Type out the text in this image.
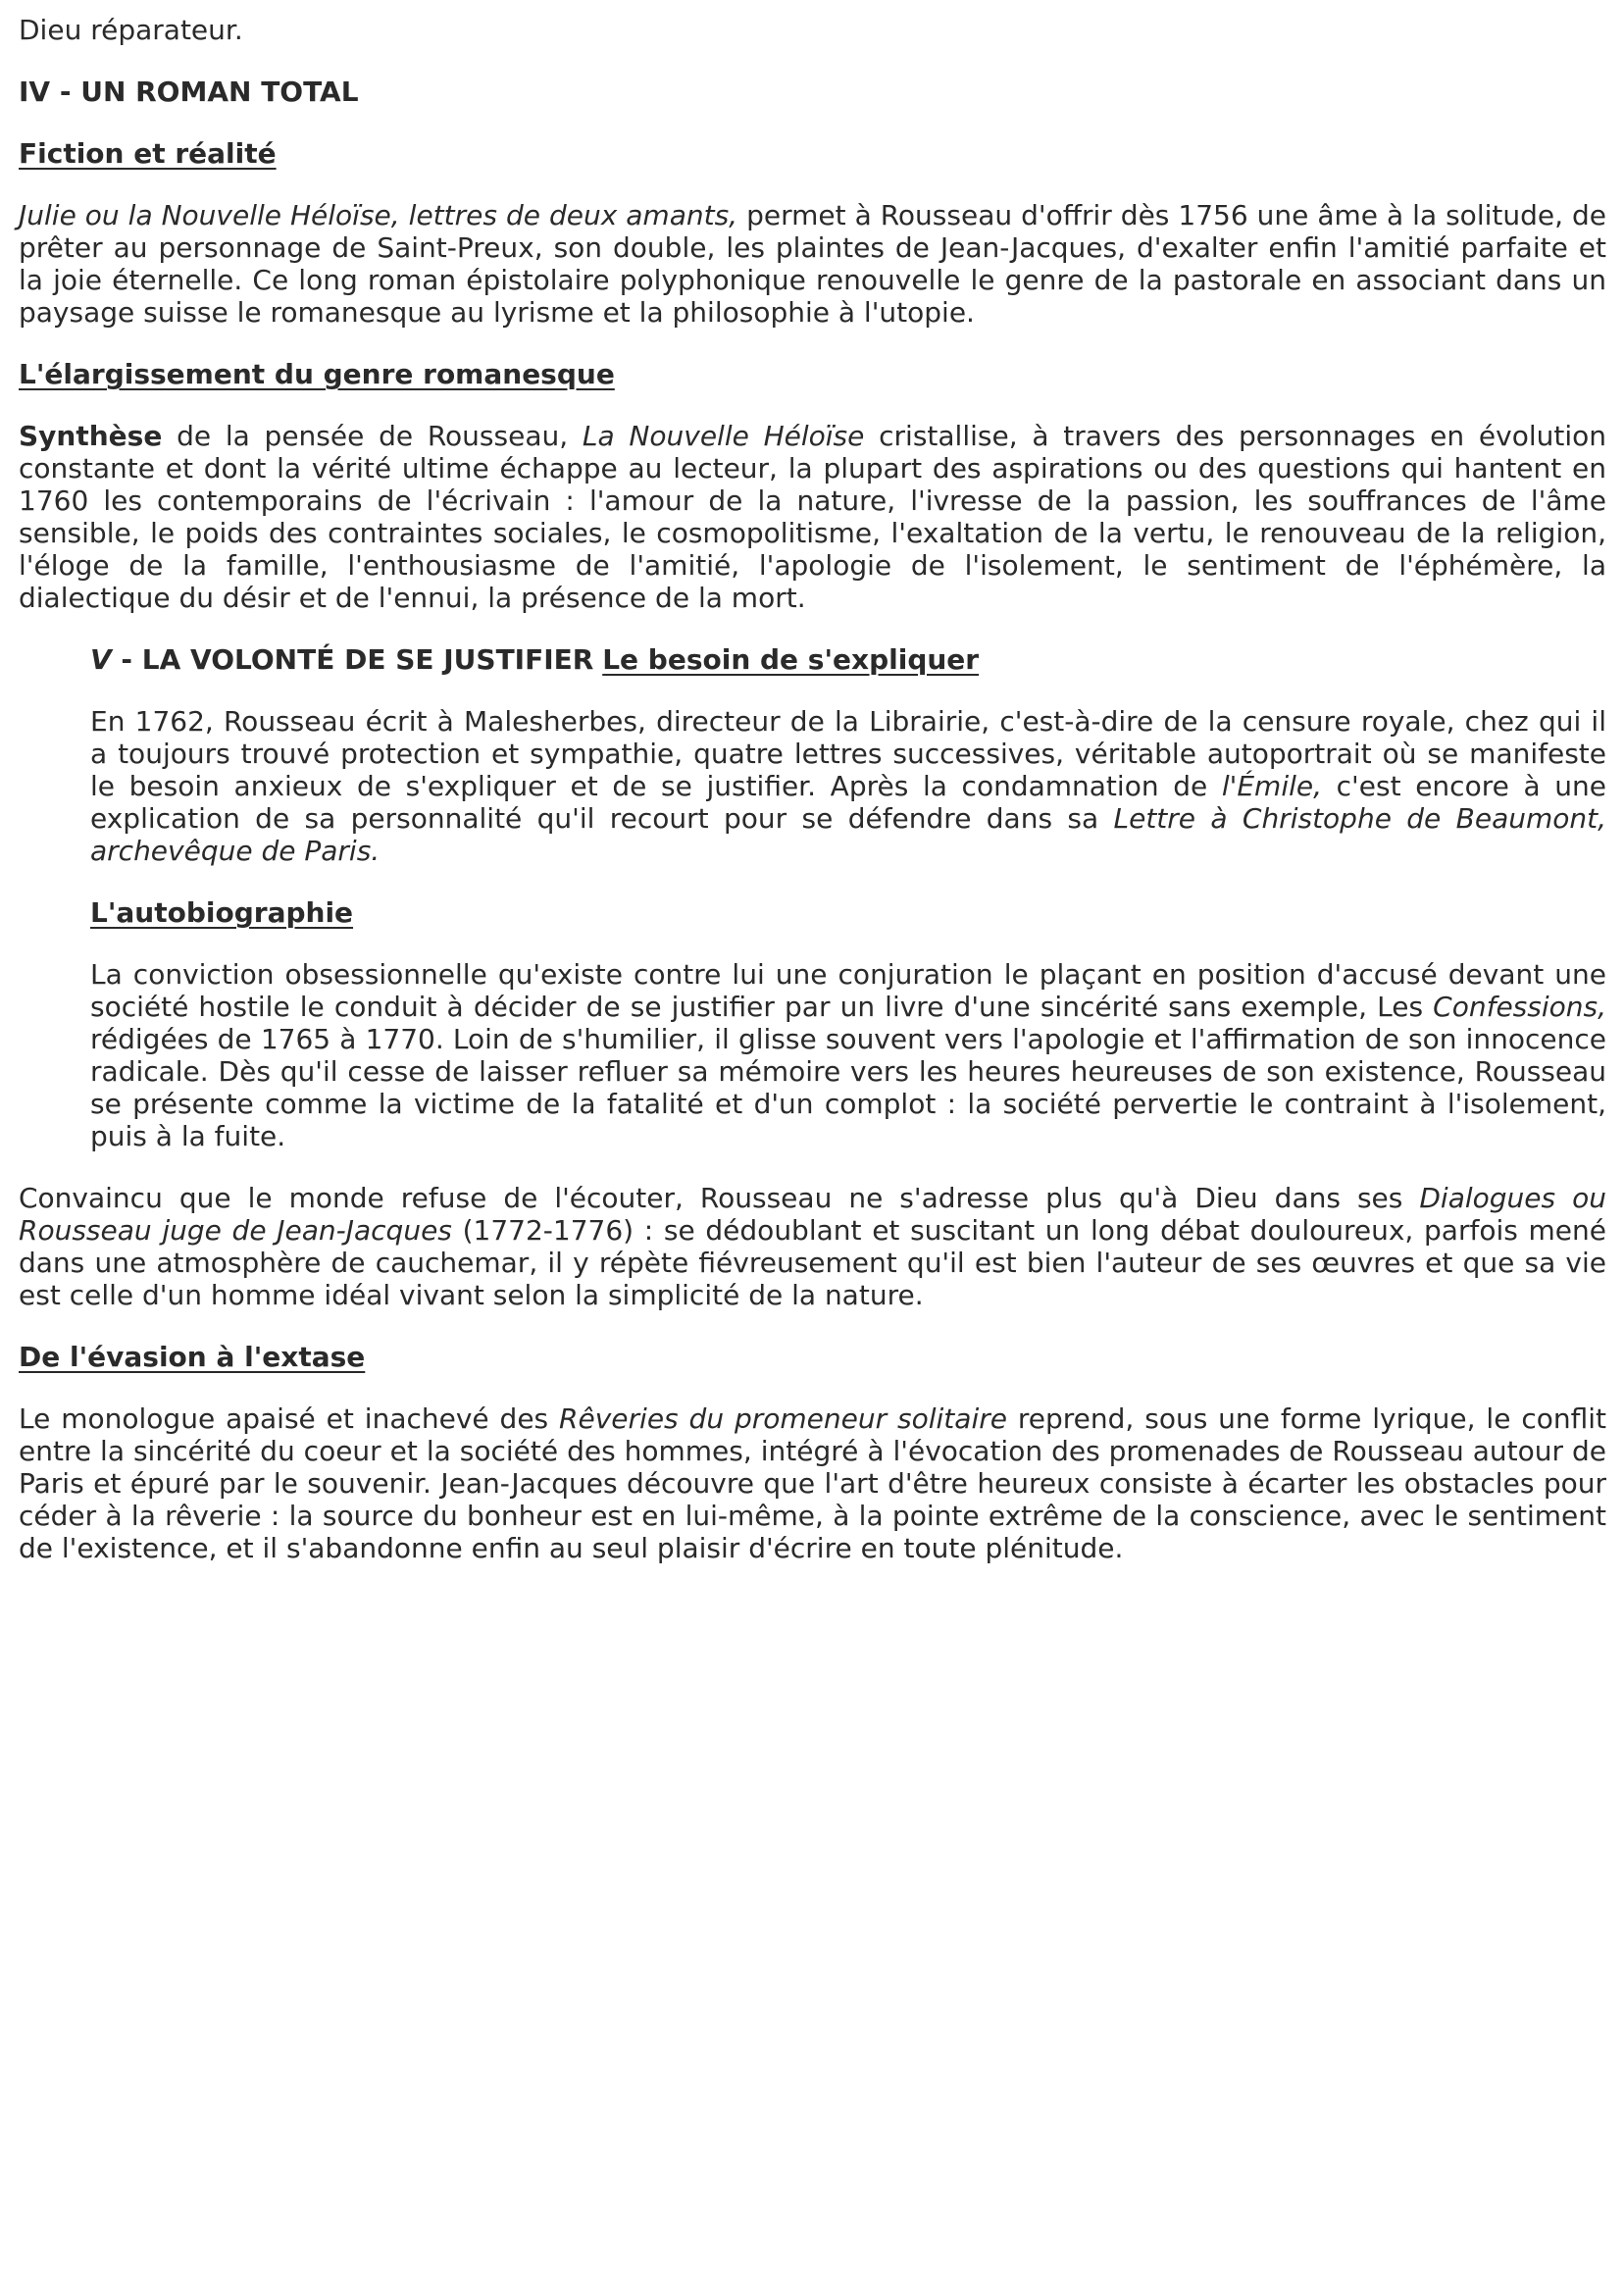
Dieu réparateur.

IV - UN ROMAN TOTAL

Fiction et réalité

Julie ou la Nouvelle Héloïse, lettres de deux amants, permet à Rousseau d'offrir dès 1756 une âme à la solitude, de prêter au personnage de Saint-Preux, son double, les plaintes de Jean-Jacques, d'exalter enfin l'amitié parfaite et la joie éternelle. Ce long roman épistolaire polyphonique renouvelle le genre de la pastorale en associant dans un paysage suisse le romanesque au lyrisme et la philosophie à l'utopie.

L'élargissement du genre romanesque

Synthèse de la pensée de Rousseau, La Nouvelle Héloïse cristallise, à travers des personnages en évolution constante et dont la vérité ultime échappe au lecteur, la plupart des aspirations ou des questions qui hantent en 1760 les contemporains de l'écrivain : l'amour de la nature, l'ivresse de la passion, les souffrances de l'âme sensible, le poids des contraintes sociales, le cosmopolitisme, l'exaltation de la vertu, le renouveau de la religion, l'éloge de la famille, l'enthousiasme de l'amitié, l'apologie de l'isolement, le sentiment de l'éphémère, la dialectique du désir et de l'ennui, la présence de la mort.

V - LA VOLONTÉ DE SE JUSTIFIER Le besoin de s'expliquer

En 1762, Rousseau écrit à Malesherbes, directeur de la Librairie, c'est-à-dire de la censure royale, chez qui il a toujours trouvé protection et sympathie, quatre lettres successives, véritable autoportrait où se manifeste le besoin anxieux de s'expliquer et de se justifier. Après la condamnation de l'Émile, c'est encore à une explication de sa personnalité qu'il recourt pour se défendre dans sa Lettre à Christophe de Beaumont, archevêque de Paris.

L'autobiographie

La conviction obsessionnelle qu'existe contre lui une conjuration le plaçant en position d'accusé devant une société hostile le conduit à décider de se justifier par un livre d'une sincérité sans exemple, Les Confessions, rédigées de 1765 à 1770. Loin de s'humilier, il glisse souvent vers l'apologie et l'affirmation de son innocence radicale. Dès qu'il cesse de laisser refluer sa mémoire vers les heures heureuses de son existence, Rousseau se présente comme la victime de la fatalité et d'un complot : la société pervertie le contraint à l'isolement, puis à la fuite.

Convaincu que le monde refuse de l'écouter, Rousseau ne s'adresse plus qu'à Dieu dans ses Dialogues ou Rousseau juge de Jean-Jacques (1772-1776) : se dédoublant et suscitant un long débat douloureux, parfois mené dans une atmosphère de cauchemar, il y répète fiévreusement qu'il est bien l'auteur de ses œuvres et que sa vie est celle d'un homme idéal vivant selon la simplicité de la nature.

De l'évasion à l'extase

Le monologue apaisé et inachevé des Rêveries du promeneur solitaire reprend, sous une forme lyrique, le conflit entre la sincérité du coeur et la société des hommes, intégré à l'évocation des promenades de Rousseau autour de Paris et épuré par le souvenir. Jean-Jacques découvre que l'art d'être heureux consiste à écarter les obstacles pour céder à la rêverie : la source du bonheur est en lui-même, à la pointe extrême de la conscience, avec le sentiment de l'existence, et il s'abandonne enfin au seul plaisir d'écrire en toute plénitude.
